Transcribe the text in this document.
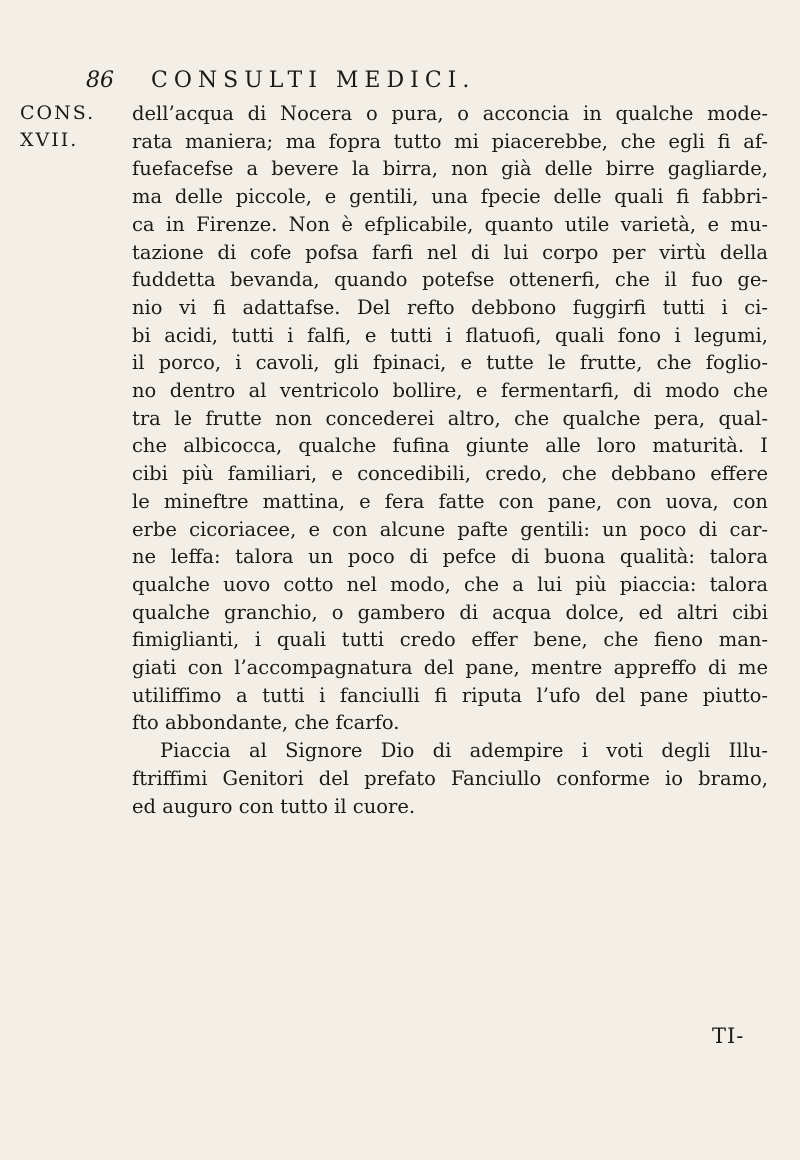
86 CONSULTI MEDICI.
CONS.
XVII.
dell’acqua di Nocera o pura, o acconcia in qualche mode-
rata maniera; ma fopra tutto mi piacerebbe, che egli fi af-
fuefacefse a bevere la birra, non già delle birre gagliarde,
ma delle piccole, e gentili, una fpecie delle quali fi fabbri-
ca in Firenze. Non è efplicabile, quanto utile varietà, e mu-
tazione di cofe pofsa farfi nel di lui corpo per virtù della
fuddetta bevanda, quando potefse ottenerfi, che il fuo ge-
nio vi fi adattafse. Del refto debbono fuggirfi tutti i ci-
bi acidi, tutti i falfi, e tutti i flatuofi, quali fono i legumi,
il porco, i cavoli, gli fpinaci, e tutte le frutte, che foglio-
no dentro al ventricolo bollire, e fermentarfi, di modo che
tra le frutte non concederei altro, che qualche pera, qual-
che albicocca, qualche fufina giunte alle loro maturità. I
cibi più familiari, e concedibili, credo, che debbano effere
le mineftre mattina, e fera fatte con pane, con uova, con
erbe cicoriacee, e con alcune pafte gentili: un poco di car-
ne leffa: talora un poco di pefce di buona qualità: talora
qualche uovo cotto nel modo, che a lui più piaccia: talora
qualche granchio, o gambero di acqua dolce, ed altri cibi
fimiglianti, i quali tutti credo effer bene, che fieno man-
giati con l’accompagnatura del pane, mentre appreffo di me
utiliffimo a tutti i fanciulli fi riputa l’ufo del pane piutto-
fto abbondante, che fcarfo.
Piaccia al Signore Dio di adempire i voti degli Illu-
ftriffimi Genitori del prefato Fanciullo conforme io bramo,
ed auguro con tutto il cuore.
TI-
